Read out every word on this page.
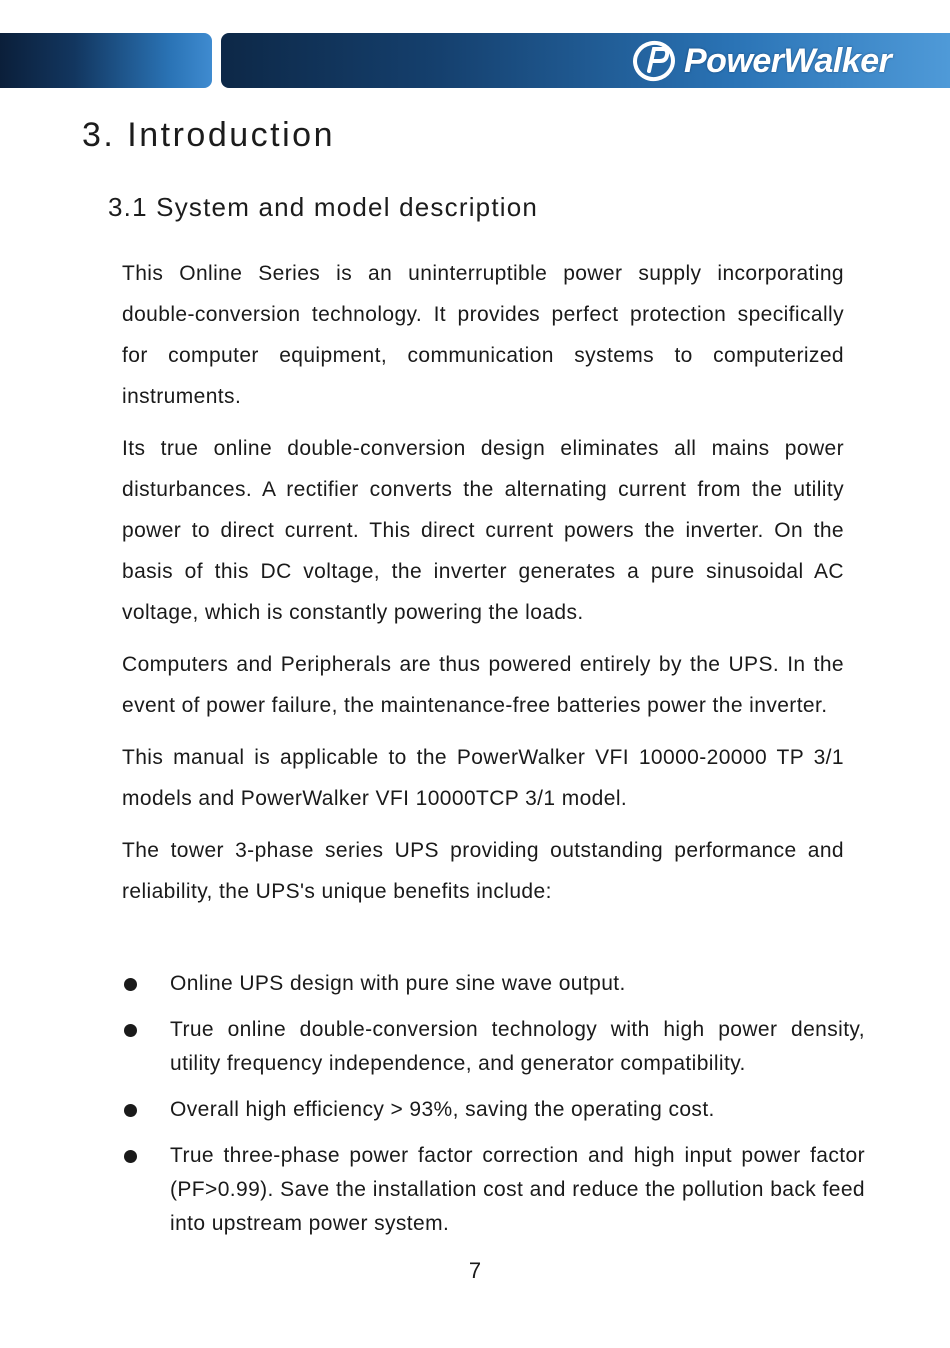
PowerWalker
3. Introduction
3.1 System and model description

This Online Series is an uninterruptible power supply incorporating double-conversion technology. It provides perfect protection specifically for computer equipment, communication systems to computerized instruments.

Its true online double-conversion design eliminates all mains power disturbances. A rectifier converts the alternating current from the utility power to direct current. This direct current powers the inverter. On the basis of this DC voltage, the inverter generates a pure sinusoidal AC voltage, which is constantly powering the loads.

Computers and Peripherals are thus powered entirely by the UPS. In the event of power failure, the maintenance-free batteries power the inverter.

This manual is applicable to the PowerWalker VFI 10000-20000 TP 3/1 models and PowerWalker VFI 10000TCP 3/1 model.

The tower 3-phase series UPS providing outstanding performance and reliability, the UPS's unique benefits include:

Online UPS design with pure sine wave output.
True online double-conversion technology with high power density, utility frequency independence, and generator compatibility.
Overall high efficiency > 93%, saving the operating cost.
True three-phase power factor correction and high input power factor (PF>0.99). Save the installation cost and reduce the pollution back feed into upstream power system.
7
